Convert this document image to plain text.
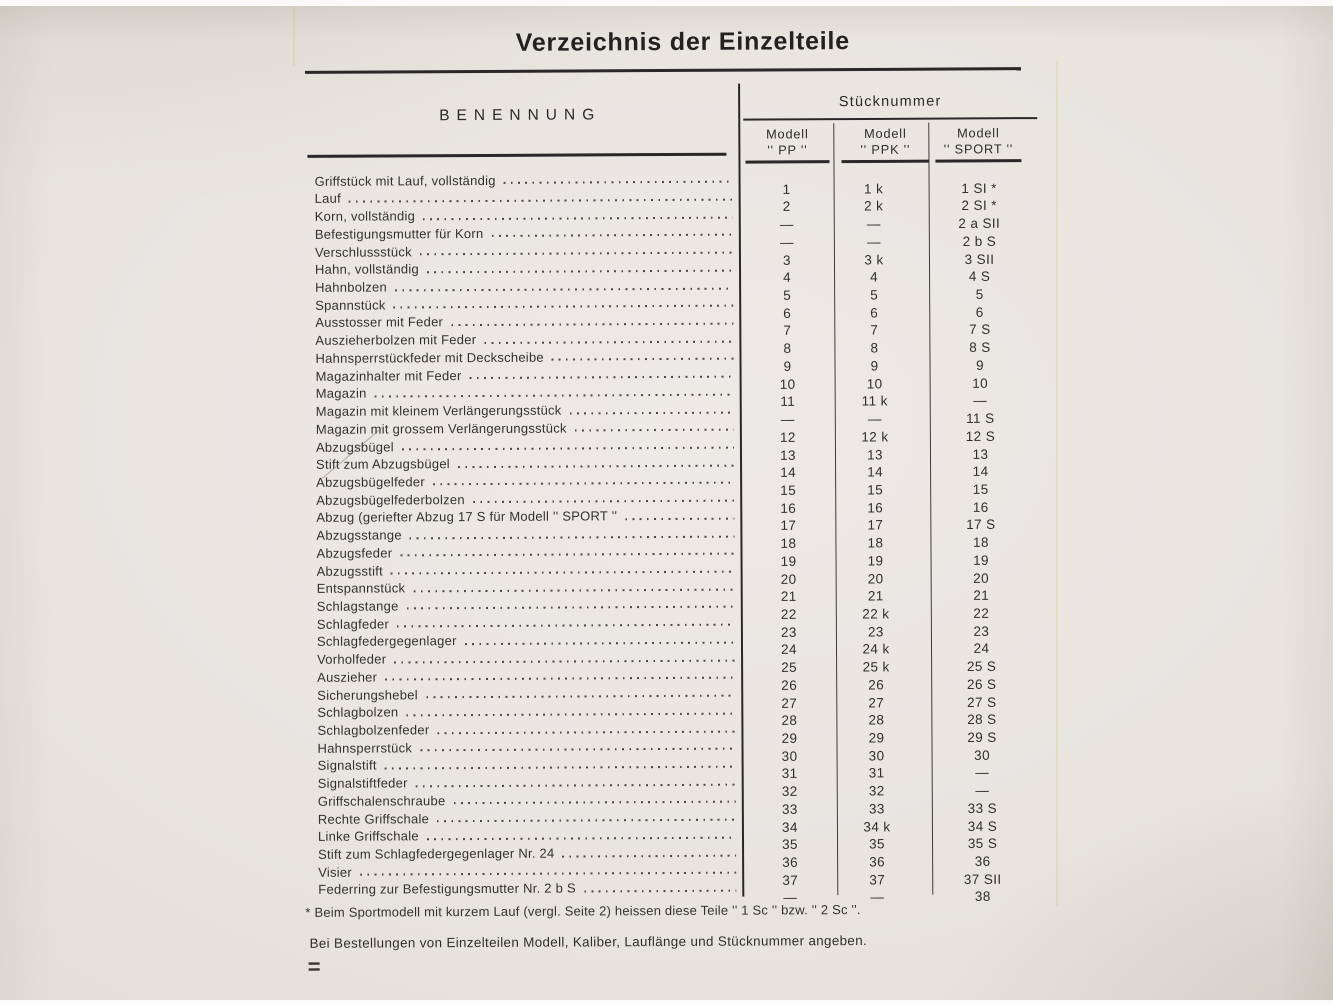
Verzeichnis der Einzelteile
BENENNUNG
Stücknummer
Modell
'' PP ''
Modell
'' PPK ''
Modell
'' SPORT ''
Griffstück mit Lauf, vollständig
1	1 k	1 SI *
Lauf
2	2 k	2 SI *
Korn, vollständig
—	—	2 a SII
Befestigungsmutter für Korn
—	—	2 b S
Verschlussstück
3	3 k	3 SII
Hahn, vollständig
4	4	4 S
Hahnbolzen
5	5	5
Spannstück
6	6	6
Ausstosser mit Feder
7	7	7 S
Auszieherbolzen mit Feder
8	8	8 S
Hahnsperrstückfeder mit Deckscheibe
9	9	9
Magazinhalter mit Feder
10	10	10
Magazin
11	11 k	—
Magazin mit kleinem Verlängerungsstück
—	—	11 S
Magazin mit grossem Verlängerungsstück
12	12 k	12 S
Abzugsbügel
13	13	13
Stift zum Abzugsbügel
14	14	14
Abzugsbügelfeder
15	15	15
Abzugsbügelfederbolzen
16	16	16
Abzug (geriefter Abzug 17 S für Modell '' SPORT ''
17	17	17 S
Abzugsstange
18	18	18
Abzugsfeder
19	19	19
Abzugsstift
20	20	20
Entspannstück
21	21	21
Schlagstange
22	22 k	22
Schlagfeder
23	23	23
Schlagfedergegenlager
24	24 k	24
Vorholfeder
25	25 k	25 S
Auszieher
26	26	26 S
Sicherungshebel
27	27	27 S
Schlagbolzen
28	28	28 S
Schlagbolzenfeder
29	29	29 S
Hahnsperrstück
30	30	30
Signalstift
31	31	—
Signalstiftfeder
32	32	—
Griffschalenschraube
33	33	33 S
Rechte Griffschale
34	34 k	34 S
Linke Griffschale
35	35	35 S
Stift zum Schlagfedergegenlager Nr. 24
36	36	36
Visier
37	37	37 SII
Federring zur Befestigungsmutter Nr. 2 b S
—	—	38
* Beim Sportmodell mit kurzem Lauf (vergl. Seite 2) heissen diese Teile '' 1 Sc '' bzw. '' 2 Sc ''.
Bei Bestellungen von Einzelteilen Modell, Kaliber, Lauflänge und Stücknummer angeben.
=
